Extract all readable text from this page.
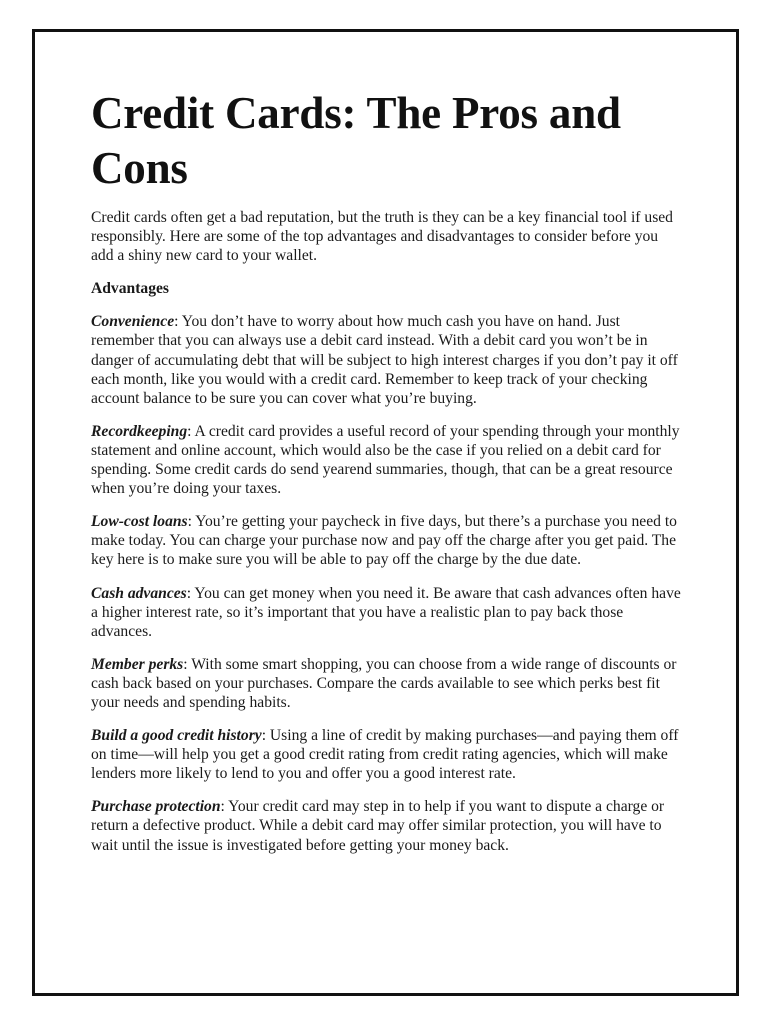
Credit Cards: The Pros and Cons

Credit cards often get a bad reputation, but the truth is they can be a key financial tool if used responsibly. Here are some of the top advantages and disadvantages to consider before you add a shiny new card to your wallet.

Advantages

Convenience: You don’t have to worry about how much cash you have on hand. Just remember that you can always use a debit card instead. With a debit card you won’t be in danger of accumulating debt that will be subject to high interest charges if you don’t pay it off each month, like you would with a credit card. Remember to keep track of your checking account balance to be sure you can cover what you’re buying.

Recordkeeping: A credit card provides a useful record of your spending through your monthly statement and online account, which would also be the case if you relied on a debit card for spending. Some credit cards do send yearend summaries, though, that can be a great resource when you’re doing your taxes.

Low-cost loans: You’re getting your paycheck in five days, but there’s a purchase you need to make today. You can charge your purchase now and pay off the charge after you get paid. The key here is to make sure you will be able to pay off the charge by the due date.

Cash advances: You can get money when you need it. Be aware that cash advances often have a higher interest rate, so it’s important that you have a realistic plan to pay back those advances.

Member perks: With some smart shopping, you can choose from a wide range of discounts or cash back based on your purchases. Compare the cards available to see which perks best fit your needs and spending habits.

Build a good credit history: Using a line of credit by making purchases—and paying them off on time—will help you get a good credit rating from credit rating agencies, which will make lenders more likely to lend to you and offer you a good interest rate.

Purchase protection: Your credit card may step in to help if you want to dispute a charge or return a defective product. While a debit card may offer similar protection, you will have to wait until the issue is investigated before getting your money back.
